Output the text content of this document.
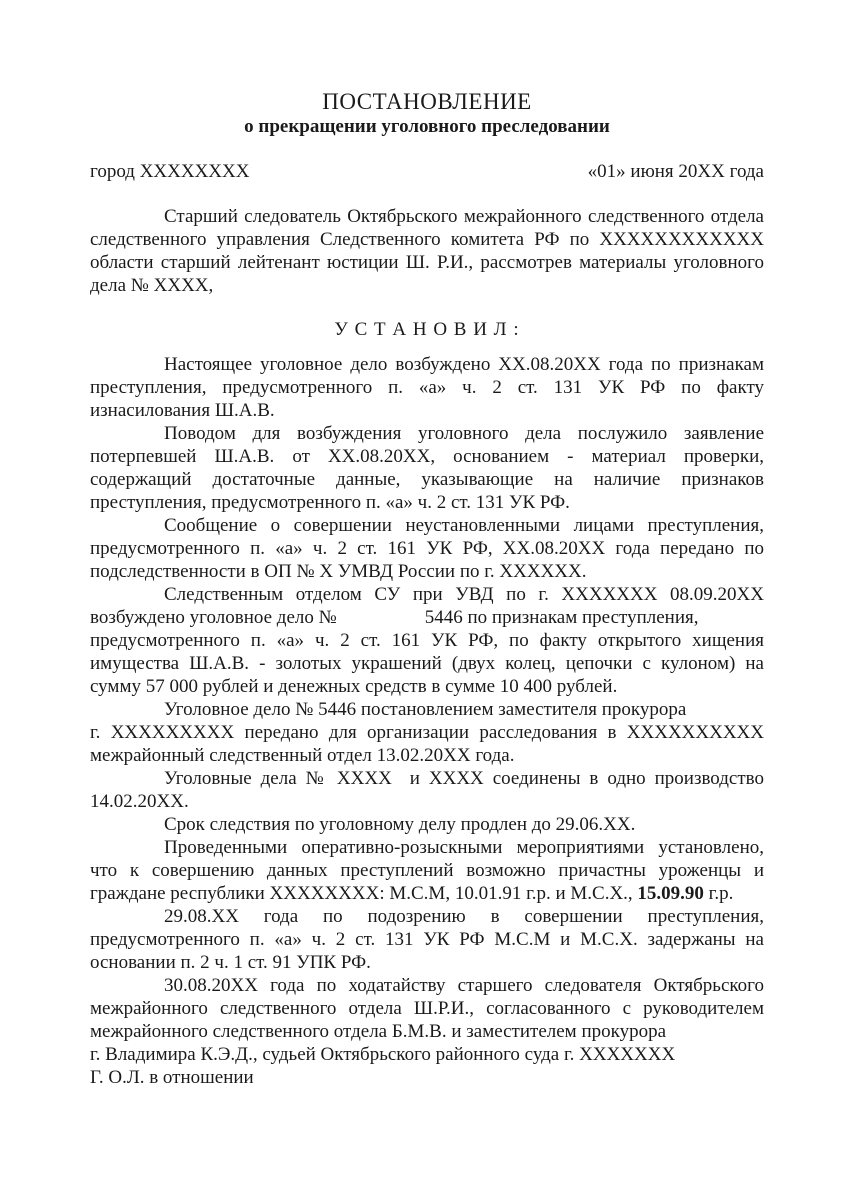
ПОСТАНОВЛЕНИЕ
о прекращении уголовного преследовании
город ХХХХХХХХ	«01» июня 20ХХ года

Старший следователь Октябрьского межрайонного следственного отдела следственного управления Следственного комитета РФ по ХХХХХХХХХХХХ области старший лейтенант юстиции Ш. Р.И., рассмотрев материалы уголовного дела № ХХХХ,

У С Т А Н О В И Л :

Настоящее уголовное дело возбуждено ХХ.08.20ХХ года по признакам преступления, предусмотренного п. «а» ч. 2 ст. 131 УК РФ по факту изнасилования Ш.А.В.

Поводом для возбуждения уголовного дела послужило заявление потерпевшей Ш.А.В. от ХХ.08.20ХХ, основанием - материал проверки, содержащий достаточные данные, указывающие на наличие признаков преступления, предусмотренного п. «а» ч. 2 ст. 131 УК РФ.

Сообщение о совершении неустановленными лицами преступления, предусмотренного п. «а» ч. 2 ст. 161 УК РФ, ХХ.08.20ХХ года передано по подследственности в ОП № Х УМВД России по г. ХХХХХХ.

Следственным отделом СУ при УВД по г. ХХХХХХХ 08.09.20ХХ возбуждено уголовное дело №	5446 по признакам преступления,
предусмотренного п. «а» ч. 2 ст. 161 УК РФ, по факту открытого хищения имущества Ш.А.В. - золотых украшений (двух колец, цепочки с кулоном) на сумму 57 000 рублей и денежных средств в сумме 10 400 рублей.

Уголовное дело № 5446 постановлением заместителя прокурора
г. ХХХХХХХХХ передано для организации расследования в ХХХХХХХХХХ межрайонный следственный отдел 13.02.20ХХ года.

Уголовные дела № ХХХХ  и ХХХХ соединены в одно производство 14.02.20ХХ.

Срок следствия по уголовному делу продлен до 29.06.ХХ.

Проведенными оперативно-розыскными мероприятиями установлено, что к совершению данных преступлений возможно причастны уроженцы и граждане республики ХХХХХХХХ: М.С.М, 10.01.91 г.р. и М.С.Х., 15.09.90 г.р.

29.08.ХХ года по подозрению в совершении преступления, предусмотренного п. «а» ч. 2 ст. 131 УК РФ М.С.М и М.С.Х. задержаны на основании п. 2 ч. 1 ст. 91 УПК РФ.

30.08.20ХХ года по ходатайству старшего следователя Октябрьского межрайонного следственного отдела Ш.Р.И., согласованного с руководителем межрайонного следственного отдела Б.М.В. и заместителем прокурора
г. Владимира К.Э.Д., судьей Октябрьского районного суда г. ХХХХХХХ
Г. О.Л. в отношении
